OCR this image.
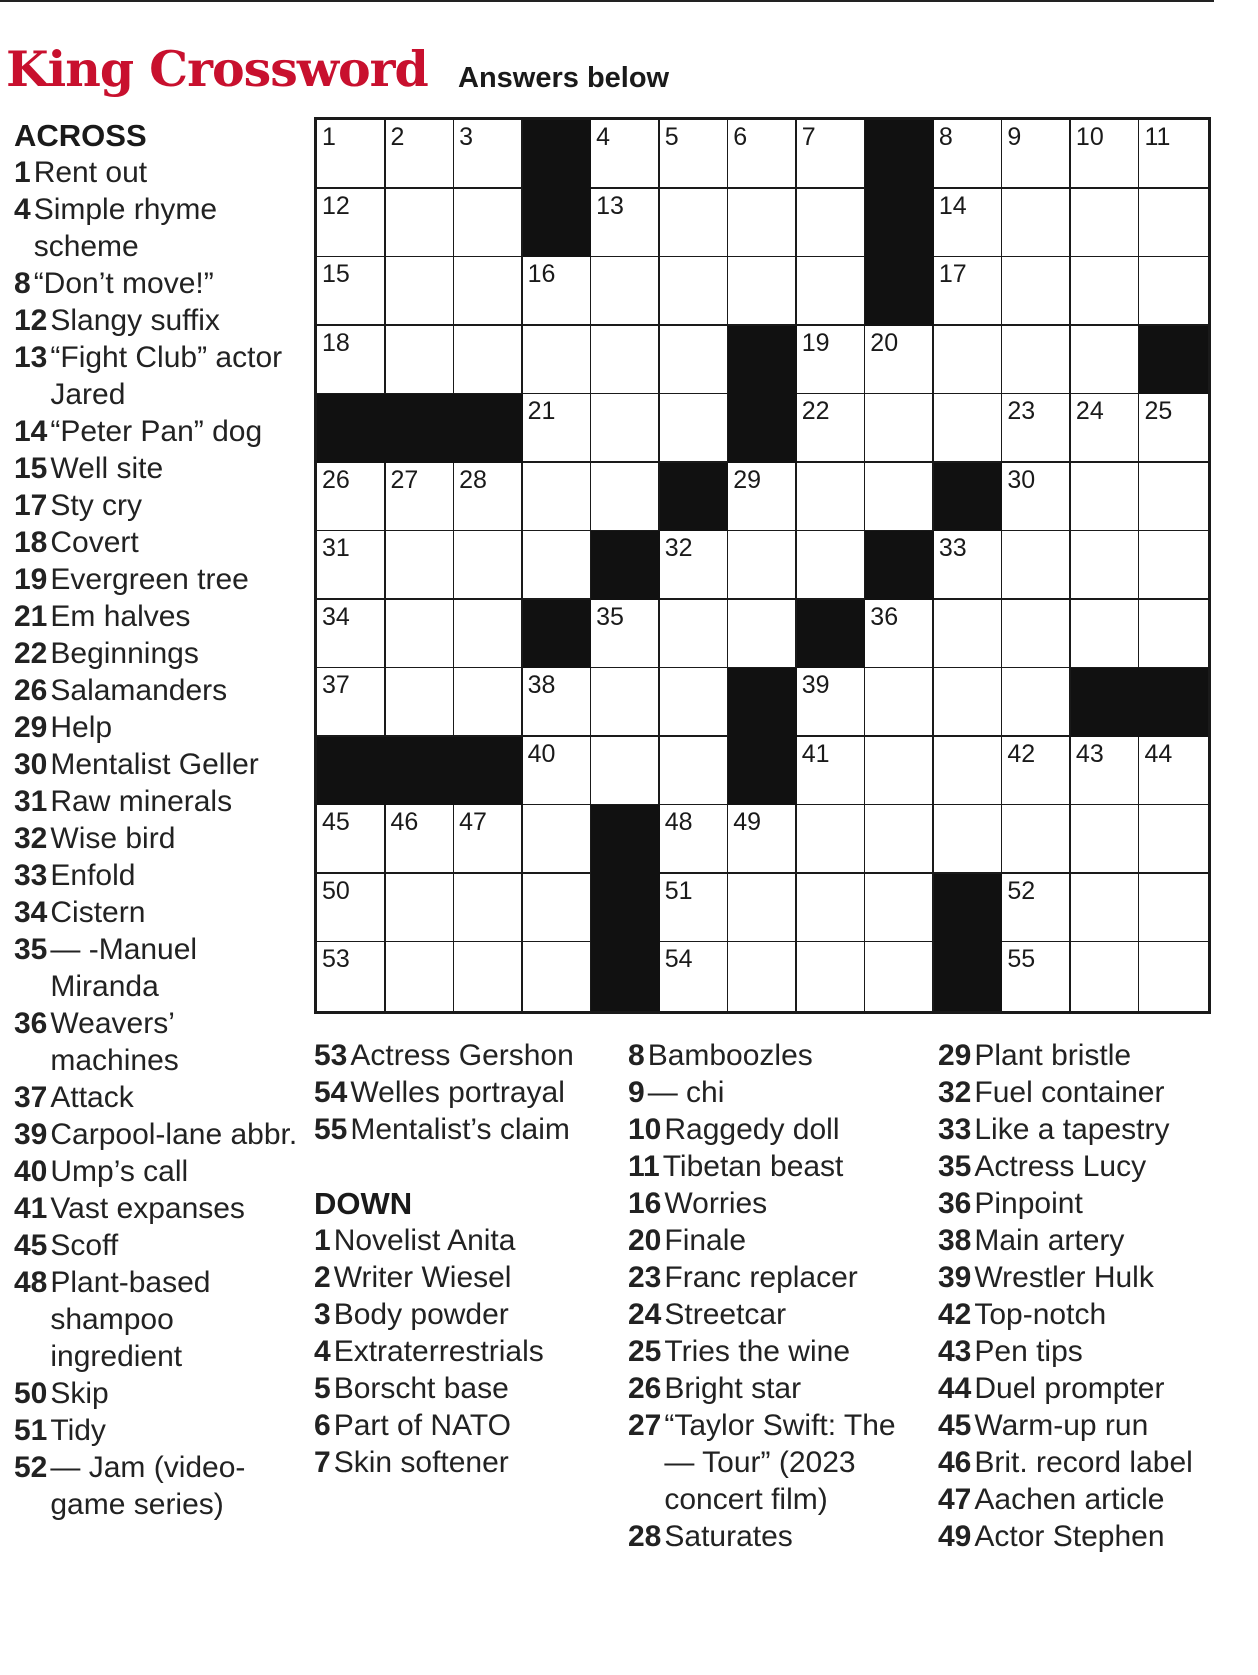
King Crossword Answers below
ACROSS
1 Rent out
4 Simple rhyme scheme
8 “Don’t move!”
12 Slangy suffix
13 “Fight Club” actor Jared
14 “Peter Pan” dog
15 Well site
17 Sty cry
18 Covert
19 Evergreen tree
21 Em halves
22 Beginnings
26 Salamanders
29 Help
30 Mentalist Geller
31 Raw minerals
32 Wise bird
33 Enfold
34 Cistern
35 — -Manuel Miranda
36 Weavers’ machines
37 Attack
39 Carpool-lane abbr.
40 Ump’s call
41 Vast expanses
45 Scoff
48 Plant-based shampoo ingredient
50 Skip
51 Tidy
52 — Jam (video-game series)
53 Actress Gershon
54 Welles portrayal
55 Mentalist’s claim
DOWN
1 Novelist Anita
2 Writer Wiesel
3 Body powder
4 Extraterrestrials
5 Borscht base
6 Part of NATO
7 Skin softener
8 Bamboozles
9 — chi
10 Raggedy doll
11 Tibetan beast
16 Worries
20 Finale
23 Franc replacer
24 Streetcar
25 Tries the wine
26 Bright star
27 “Taylor Swift: The — Tour” (2023 concert film)
28 Saturates
29 Plant bristle
32 Fuel container
33 Like a tapestry
35 Actress Lucy
36 Pinpoint
38 Main artery
39 Wrestler Hulk
42 Top-notch
43 Pen tips
44 Duel prompter
45 Warm-up run
46 Brit. record label
47 Aachen article
49 Actor Stephen
1 2 3	4 5 6 7	8 9 10 11
12	13	14
15	16	17
18	19 20
21	22	23 24 25
26 27 28	29	30
31	32	33
34	35	36
37	38	39
40	41	42 43 44
45 46 47	48 49
50	51	52
53	54	55
